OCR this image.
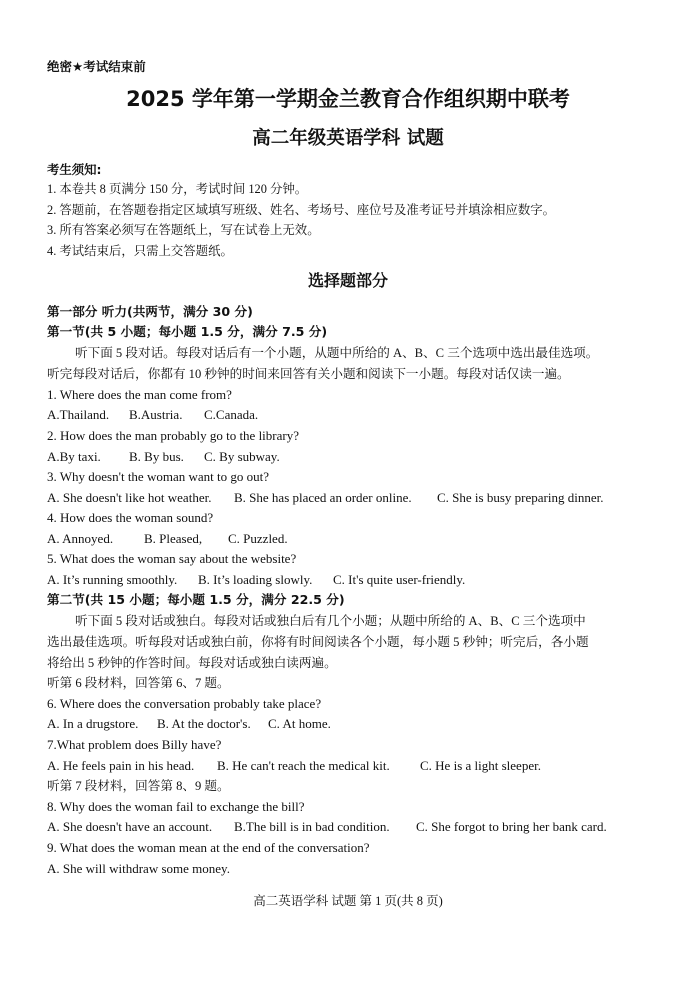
绝密★考试结束前
2025 学年第一学期金兰教育合作组织期中联考
高二年级英语学科 试题
考生须知:
1. 本卷共 8 页满分 150 分，考试时间 120 分钟。
2. 答题前，在答题卷指定区域填写班级、姓名、考场号、座位号及准考证号并填涂相应数字。
3. 所有答案必须写在答题纸上，写在试卷上无效。
4. 考试结束后，只需上交答题纸。
选择题部分
第一部分 听力(共两节，满分 30 分)
第一节(共 5 小题；每小题 1.5 分，满分 7.5 分)
听下面 5 段对话。每段对话后有一个小题，从题中所给的 A、B、C 三个选项中选出最佳选项。
听完每段对话后，你都有 10 秒钟的时间来回答有关小题和阅读下一小题。每段对话仅读一遍。
1. Where does the man come from?
A.Thailand. B.Austria. C.Canada.
2. How does the man probably go to the library?
A.By taxi. B. By bus. C. By subway.
3. Why doesn't the woman want to go out?
A. She doesn't like hot weather. B. She has placed an order online. C. She is busy preparing dinner.
4. How does the woman sound?
A. Annoyed. B. Pleased, C. Puzzled.
5. What does the woman say about the website?
A. It’s running smoothly. B. It’s loading slowly. C. It's quite user-friendly.
第二节(共 15 小题；每小题 1.5 分，满分 22.5 分)
听下面 5 段对话或独白。每段对话或独白后有几个小题；从题中所给的 A、B、C 三个选项中
选出最佳选项。听每段对话或独白前，你将有时间阅读各个小题，每小题 5 秒钟；听完后，各小题
将给出 5 秒钟的作答时间。每段对话或独白读两遍。
听第 6 段材料，回答第 6、7 题。
6. Where does the conversation probably take place?
A. In a drugstore. B. At the doctor's. C. At home.
7.What problem does Billy have?
A. He feels pain in his head. B. He can't reach the medical kit. C. He is a light sleeper.
听第 7 段材料，回答第 8、9 题。
8. Why does the woman fail to exchange the bill?
A. She doesn't have an account. B.The bill is in bad condition. C. She forgot to bring her bank card.
9. What does the woman mean at the end of the conversation?
A. She will withdraw some money.
高二英语学科 试题 第 1 页(共 8 页)
